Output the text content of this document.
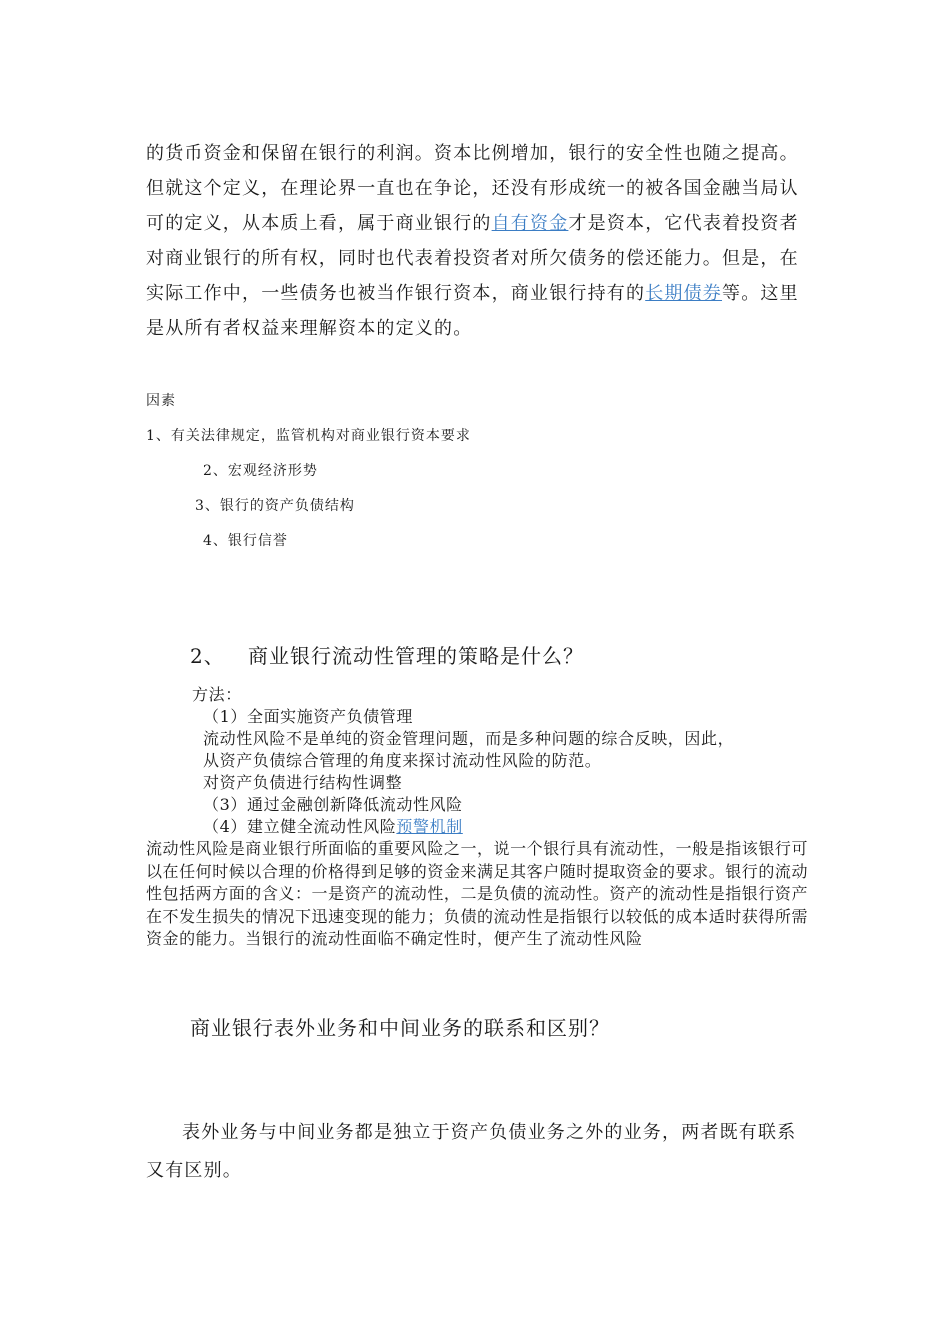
的货币资金和保留在银行的利润。资本比例增加，银行的安全性也随之提高。但就这个定义，在理论界一直也在争论，还没有形成统一的被各国金融当局认可的定义，从本质上看，属于商业银行的自有资金才是资本，它代表着投资者对商业银行的所有权，同时也代表着投资者对所欠债务的偿还能力。但是，在实际工作中，一些债务也被当作银行资本，商业银行持有的长期债券等。这里是从所有者权益来理解资本的定义的。

因素

1、有关法律规定，监管机构对商业银行资本要求

2、宏观经济形势

3、银行的资产负债结构

4、银行信誉

2、 商业银行流动性管理的策略是什么？

方法：

（1）全面实施资产负债管理

流动性风险不是单纯的资金管理问题，而是多种问题的综合反映，因此，

从资产负债综合管理的角度来探讨流动性风险的防范。

对资产负债进行结构性调整

（3）通过金融创新降低流动性风险

（4）建立健全流动性风险预警机制

流动性风险是商业银行所面临的重要风险之一，说一个银行具有流动性，一般是指该银行可以在任何时候以合理的价格得到足够的资金来满足其客户随时提取资金的要求。银行的流动性包括两方面的含义：一是资产的流动性，二是负债的流动性。资产的流动性是指银行资产在不发生损失的情况下迅速变现的能力；负债的流动性是指银行以较低的成本适时获得所需资金的能力。当银行的流动性面临不确定性时，便产生了流动性风险

商业银行表外业务和中间业务的联系和区别？

表外业务与中间业务都是独立于资产负债业务之外的业务，两者既有联系又有区别。
